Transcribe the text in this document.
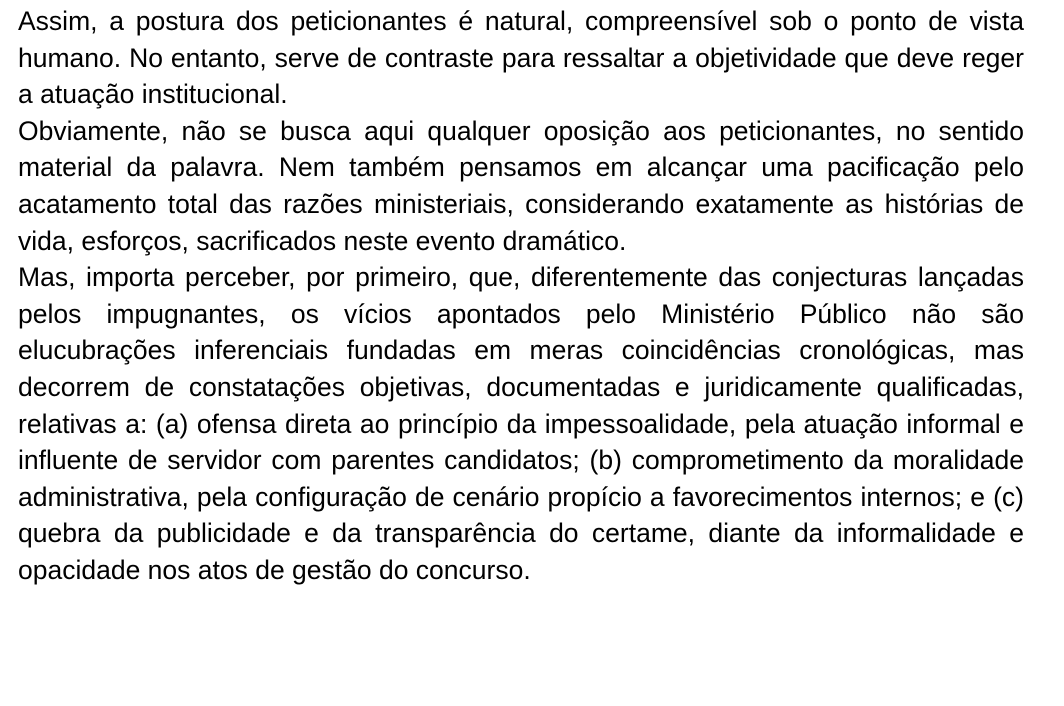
Assim, a postura dos peticionantes é natural, compreensível sob o ponto de vista humano. No entanto, serve de contraste para ressaltar a objetividade que deve reger a atuação institucional.

Obviamente, não se busca aqui qualquer oposição aos peticionantes, no sentido material da palavra. Nem também pensamos em alcançar uma pacificação pelo acatamento total das razões ministeriais, considerando exatamente as histórias de vida, esforços, sacrificados neste evento dramático.

Mas, importa perceber, por primeiro, que, diferentemente das conjecturas lançadas pelos impugnantes, os vícios apontados pelo Ministério Público não são elucubrações inferenciais fundadas em meras coincidências cronológicas, mas decorrem de constatações objetivas, documentadas e juridicamente qualificadas, relativas a: (a) ofensa direta ao princípio da impessoalidade, pela atuação informal e influente de servidor com parentes candidatos; (b) comprometimento da moralidade administrativa, pela configuração de cenário propício a favorecimentos internos; e (c) quebra da publicidade e da transparência do certame, diante da informalidade e opacidade nos atos de gestão do concurso.
